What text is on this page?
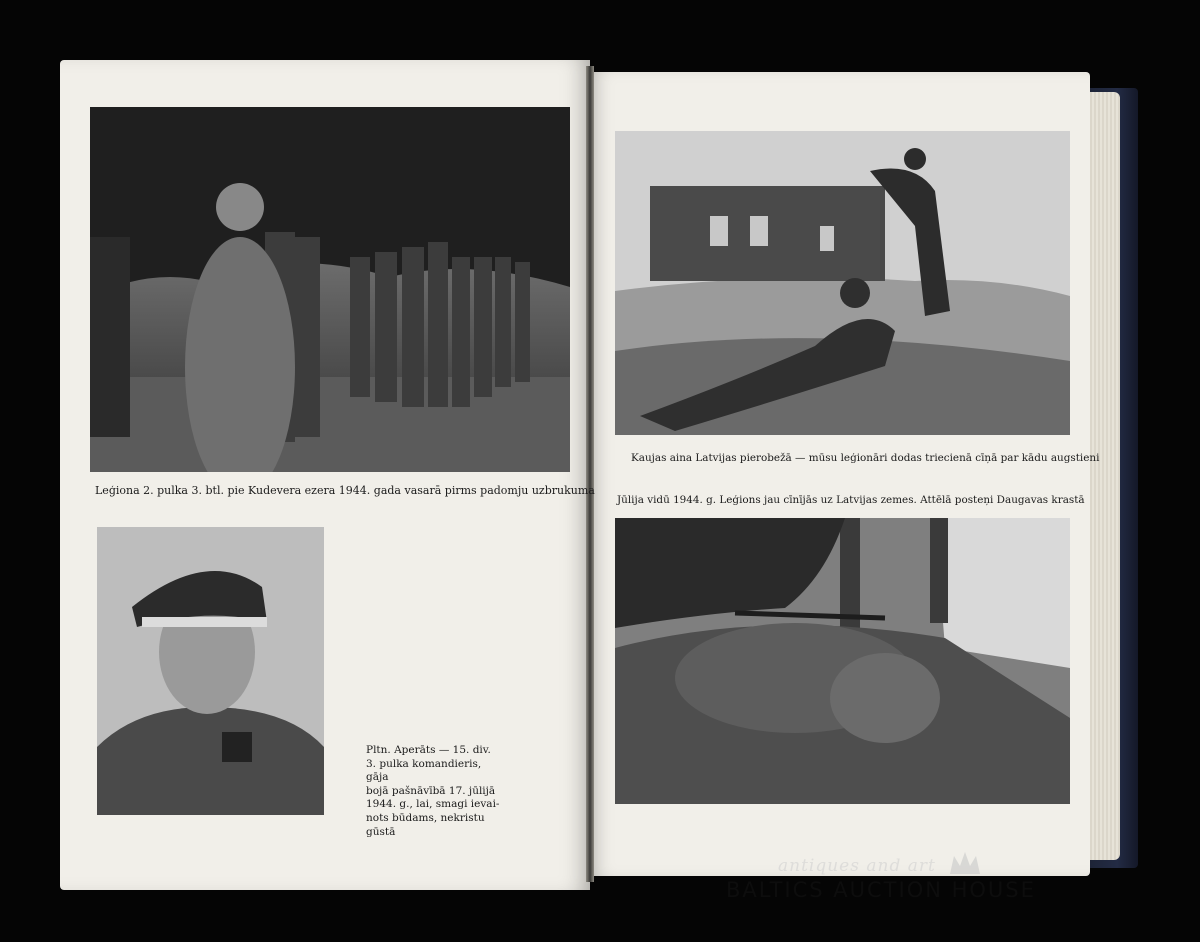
Leģiona 2. pulka 3. btl. pie Kudevera ezera 1944. gada vasarā pirms padomju uzbrukuma
Pltn. Aperāts — 15. div.
3. pulka komandieris, gāja
bojā pašnāvībā 17. jūlijā
1944. g., lai, smagi ievai-
nots būdams, nekristu gūstā
Kaujas aina Latvijas pierobežā — mūsu leģionāri dodas triecienā cīņā par kādu augstieni
Jūlija vidū 1944. g. Leģions jau cīnījās uz Latvijas zemes. Attēlā posteņi Daugavas krastā
antiques and art
BALTICS AUCTION HOUSE
